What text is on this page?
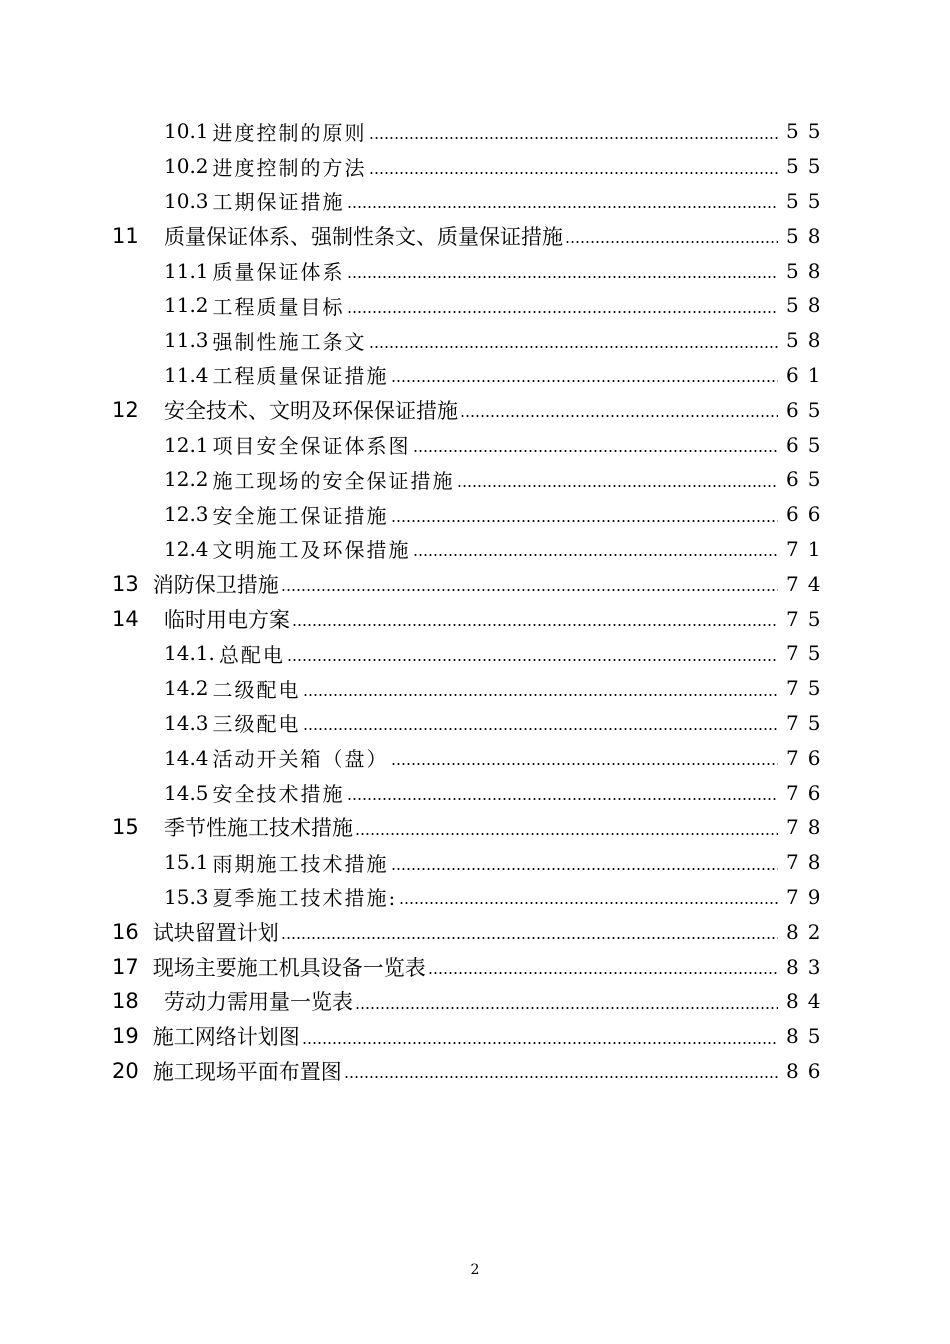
10.1 进度控制的原则	55
10.2 进度控制的方法	55
10.3 工期保证措施	55
11	质量保证体系、强制性条文、质量保证措施	58
11.1 质量保证体系	58
11.2 工程质量目标	58
11.3 强制性施工条文	58
11.4 工程质量保证措施	61
12	安全技术、文明及环保保证措施	65
12.1 项目安全保证体系图	65
12.2 施工现场的安全保证措施	65
12.3 安全施工保证措施	66
12.4 文明施工及环保措施	71
13 消防保卫措施	74
14	临时用电方案	75
14.1. 总配电	75
14.2 二级配电	75
14.3 三级配电	75
14.4 活动开关箱（盘）	76
14.5 安全技术措施	76
15	季节性施工技术措施	78
15.1 雨期施工技术措施	78
15.3 夏季施工技术措施:	79
16 试块留置计划	82
17 现场主要施工机具设备一览表	83
18	劳动力需用量一览表	84
19 施工网络计划图	85
20 施工现场平面布置图	86
2
